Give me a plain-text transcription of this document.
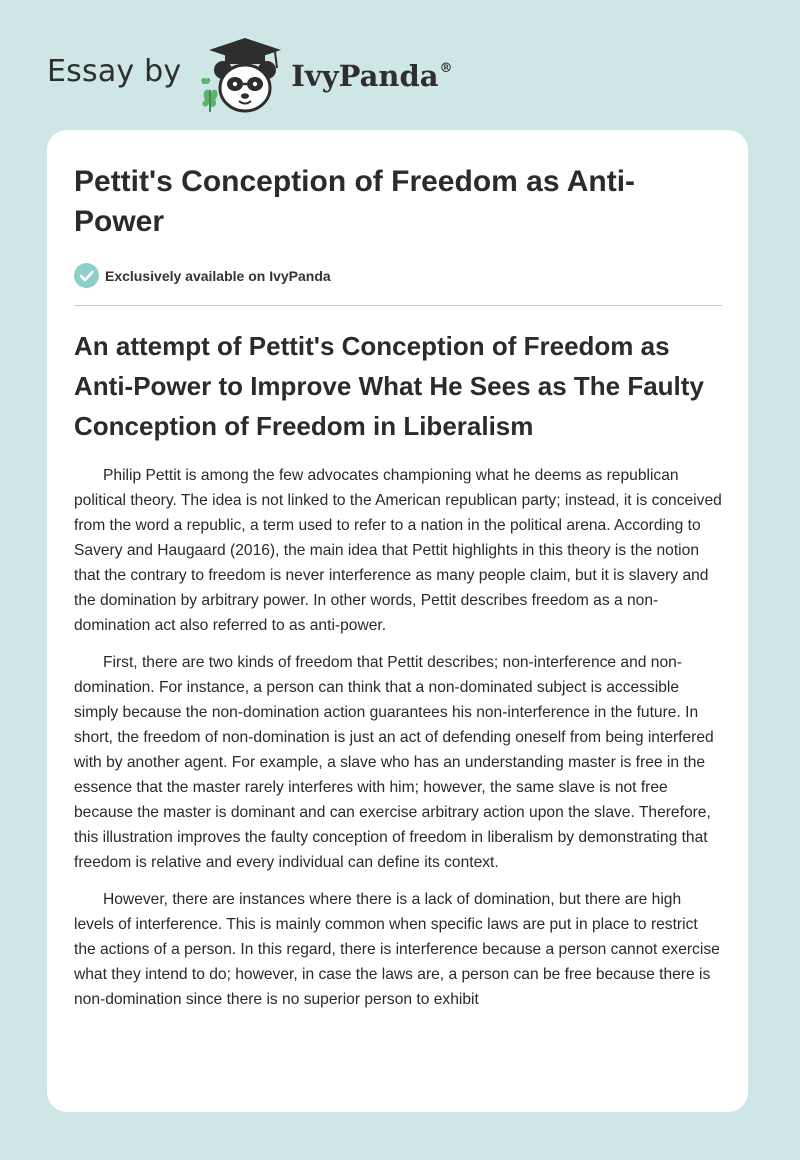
Essay by	IvyPanda®
Pettit's Conception of Freedom as Anti-Power
Exclusively available on IvyPanda
An attempt of Pettit's Conception of Freedom as Anti-Power to Improve What He Sees as The Faulty Conception of Freedom in Liberalism

Philip Pettit is among the few advocates championing what he deems as republican political theory. The idea is not linked to the American republican party; instead, it is conceived from the word a republic, a term used to refer to a nation in the political arena. According to Savery and Haugaard (2016), the main idea that Pettit highlights in this theory is the notion that the contrary to freedom is never interference as many people claim, but it is slavery and the domination by arbitrary power. In other words, Pettit describes freedom as a non-domination act also referred to as anti-power.

First, there are two kinds of freedom that Pettit describes; non-interference and non-domination. For instance, a person can think that a non-dominated subject is accessible simply because the non-domination action guarantees his non-interference in the future. In short, the freedom of non-domination is just an act of defending oneself from being interfered with by another agent. For example, a slave who has an understanding master is free in the essence that the master rarely interferes with him; however, the same slave is not free because the master is dominant and can exercise arbitrary action upon the slave. Therefore, this illustration improves the faulty conception of freedom in liberalism by demonstrating that freedom is relative and every individual can define its context.

However, there are instances where there is a lack of domination, but there are high levels of interference. This is mainly common when specific laws are put in place to restrict the actions of a person. In this regard, there is interference because a person cannot exercise what they intend to do; however, in case the laws are, a person can be free because there is non-domination since there is no superior person to exhibit
